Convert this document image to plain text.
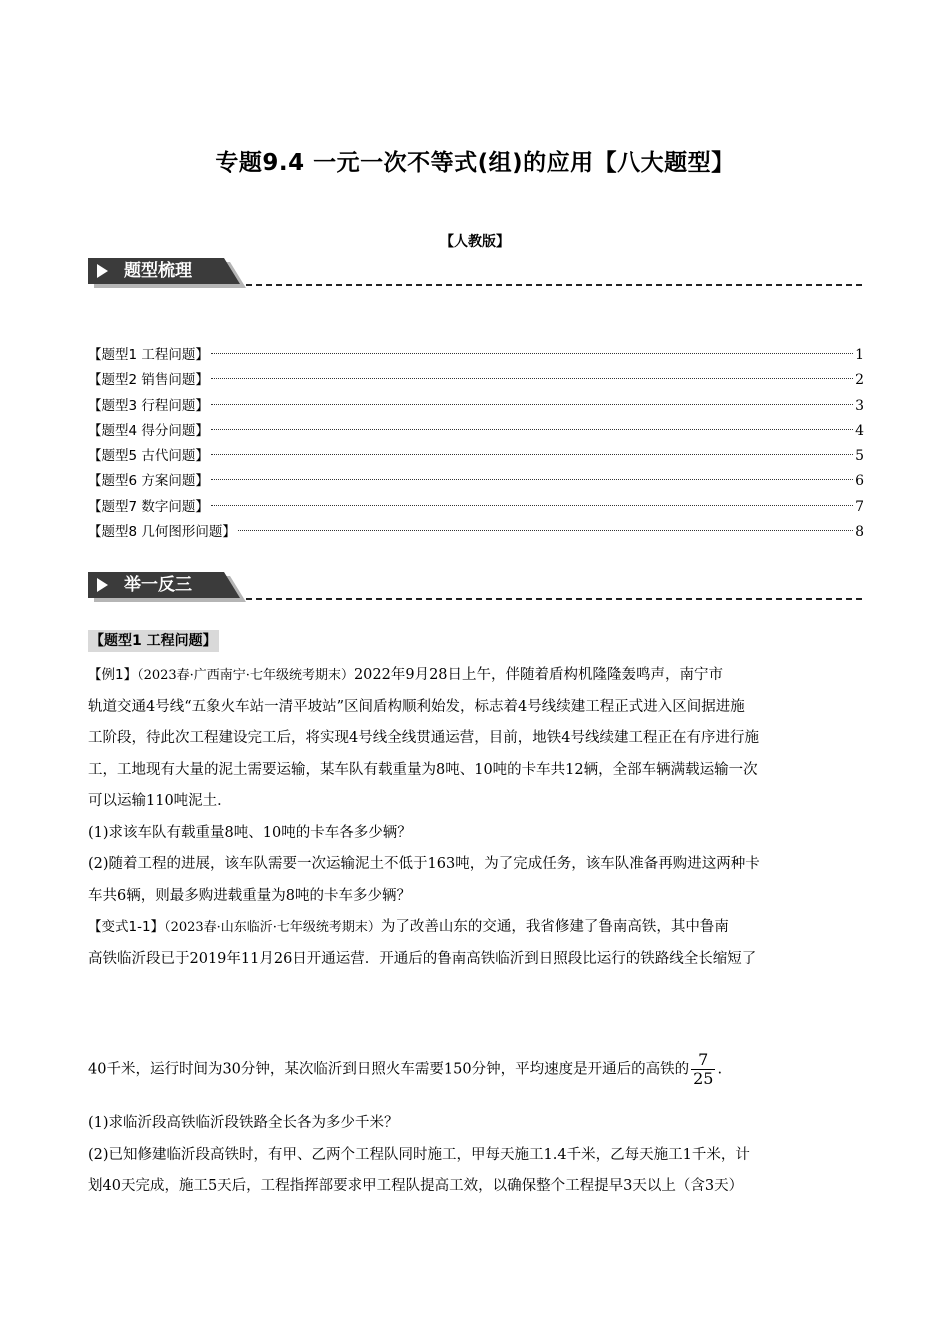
专题9.4 一元一次不等式(组)的应用【八大题型】
【人教版】
题型梳理
【题型1 工程问题】	1
【题型2 销售问题】	2
【题型3 行程问题】	3
【题型4 得分问题】	4
【题型5 古代问题】	5
【题型6 方案问题】	6
【题型7 数字问题】	7
【题型8 几何图形问题】	8
举一反三
【题型1 工程问题】
【例1】（2023春·广西南宁·七年级统考期末）2022年9月28日上午，伴随着盾构机隆隆轰鸣声，南宁市
轨道交通4号线“五象火车站一清平坡站”区间盾构顺利始发，标志着4号线续建工程正式进入区间据进施
工阶段，待此次工程建设完工后，将实现4号线全线贯通运营，目前，地铁4号线续建工程正在有序进行施
工，工地现有大量的泥土需要运输，某车队有载重量为8吨、10吨的卡车共12辆，全部车辆满载运输一次
可以运输110吨泥土．
(1)求该车队有载重量8吨、10吨的卡车各多少辆？
(2)随着工程的进展，该车队需要一次运输泥土不低于163吨，为了完成任务，该车队准备再购进这两种卡
车共6辆，则最多购进载重量为8吨的卡车多少辆？
【变式1-1】（2023春·山东临沂·七年级统考期末）为了改善山东的交通，我省修建了鲁南高铁，其中鲁南
高铁临沂段已于2019年11月26日开通运营．开通后的鲁南高铁临沂到日照段比运行的铁路线全长缩短了
40千米，运行时间为30分钟，某次临沂到日照火车需要150分钟，平均速度是开通后的高铁的 $\frac{7}{25}$ .
(1)求临沂段高铁临沂段铁路全长各为多少千米？
(2)已知修建临沂段高铁时，有甲、乙两个工程队同时施工，甲每天施工1.4千米，乙每天施工1千米，计
划40天完成，施工5天后，工程指挥部要求甲工程队提高工效，以确保整个工程提早3天以上（含3天）
